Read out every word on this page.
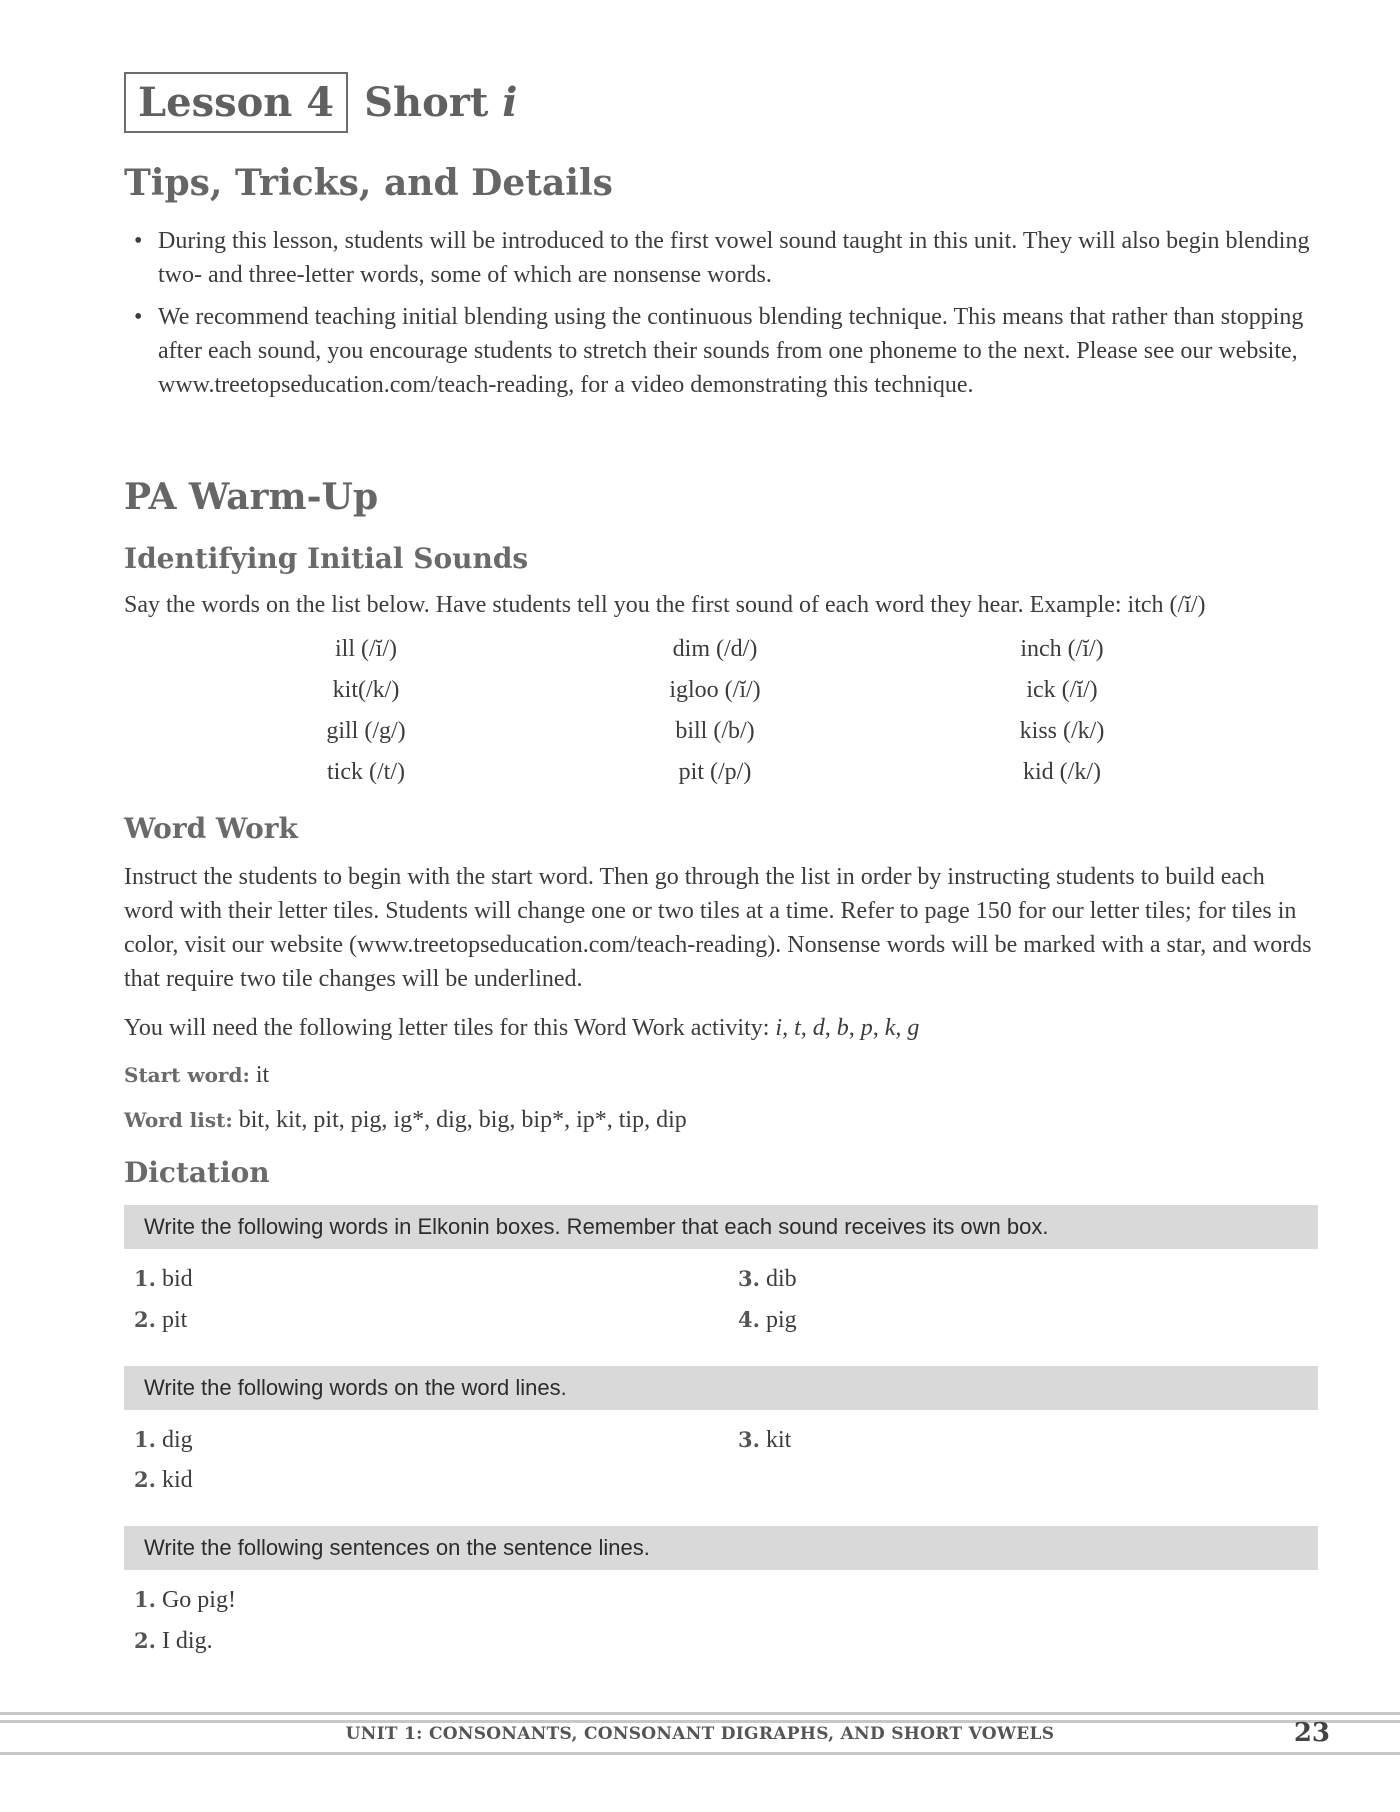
Lesson 4 Short i
Tips, Tricks, and Details
• During this lesson, students will be introduced to the first vowel sound taught in this unit. They will also begin blending two- and three-letter words, some of which are nonsense words.
• We recommend teaching initial blending using the continuous blending technique. This means that rather than stopping after each sound, you encourage students to stretch their sounds from one phoneme to the next. Please see our website, www.treetopseducation.com/teach-reading, for a video demonstrating this technique.
PA Warm-Up
Identifying Initial Sounds
Say the words on the list below. Have students tell you the first sound of each word they hear. Example: itch (/ĭ/)
ill (/ĭ/)	dim (/d/)	inch (/ĭ/)
kit(/k/)	igloo (/ĭ/)	ick (/ĭ/)
gill (/g/)	bill (/b/)	kiss (/k/)
tick (/t/)	pit (/p/)	kid (/k/)
Word Work
Instruct the students to begin with the start word. Then go through the list in order by instructing students to build each word with their letter tiles. Students will change one or two tiles at a time. Refer to page 150 for our letter tiles; for tiles in color, visit our website (www.treetopseducation.com/teach-reading). Nonsense words will be marked with a star, and words that require two tile changes will be underlined.
You will need the following letter tiles for this Word Work activity: i, t, d, b, p, k, g
Start word: it
Word list: bit, kit, pit, pig, ig*, dig, big, bip*, ip*, tip, dip
Dictation
Write the following words in Elkonin boxes. Remember that each sound receives its own box.
1. bid
2. pit
3. dib
4. pig
Write the following words on the word lines.
1. dig
2. kid
3. kit
Write the following sentences on the sentence lines.
1. Go pig!
2. I dig.
UNIT 1: CONSONANTS, CONSONANT DIGRAPHS, AND SHORT VOWELS	23
